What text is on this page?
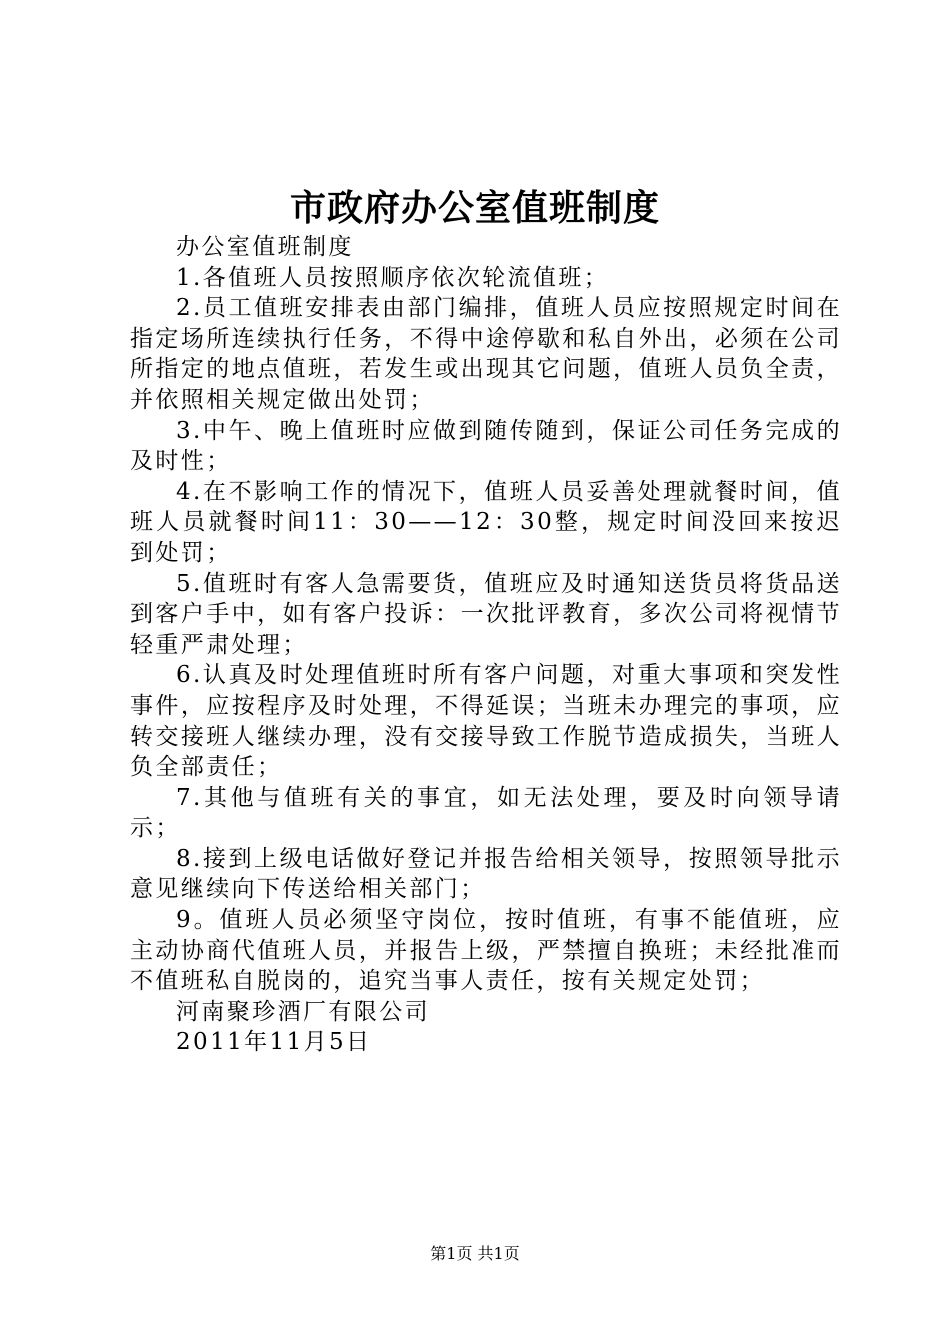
市政府办公室值班制度

办公室值班制度

1.各值班人员按照顺序依次轮流值班；

2.员工值班安排表由部门编排，值班人员应按照规定时间在指定场所连续执行任务，不得中途停歇和私自外出，必须在公司所指定的地点值班，若发生或出现其它问题，值班人员负全责，并依照相关规定做出处罚；

3.中午、晚上值班时应做到随传随到，保证公司任务完成的及时性；

4.在不影响工作的情况下，值班人员妥善处理就餐时间，值班人员就餐时间11：30——12：30整，规定时间没回来按迟到处罚；

5.值班时有客人急需要货，值班应及时通知送货员将货品送到客户手中，如有客户投诉：一次批评教育，多次公司将视情节轻重严肃处理；

6.认真及时处理值班时所有客户问题，对重大事项和突发性事件，应按程序及时处理，不得延误；当班未办理完的事项，应转交接班人继续办理，没有交接导致工作脱节造成损失，当班人负全部责任；

7.其他与值班有关的事宜，如无法处理，要及时向领导请示；

8.接到上级电话做好登记并报告给相关领导，按照领导批示意见继续向下传送给相关部门；

9。值班人员必须坚守岗位，按时值班，有事不能值班，应主动协商代值班人员，并报告上级，严禁擅自换班；未经批准而不值班私自脱岗的，追究当事人责任，按有关规定处罚；

河南聚珍酒厂有限公司

2011年11月5日

第1页 共1页
